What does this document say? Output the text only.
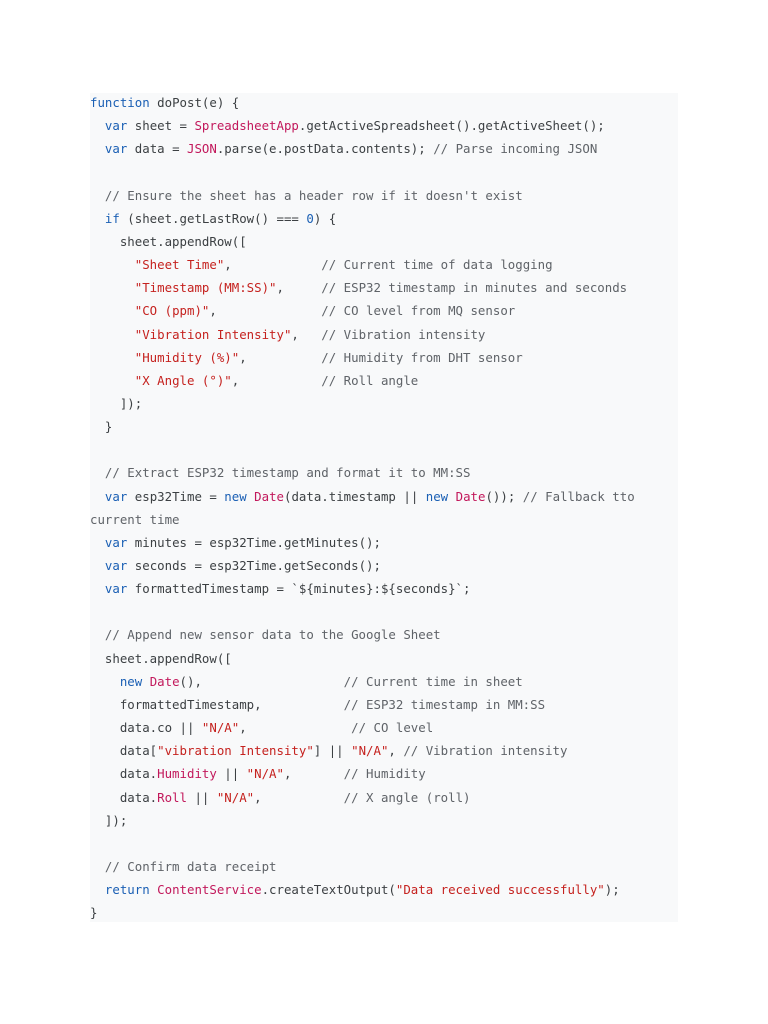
function doPost(e) {
var sheet = SpreadsheetApp.getActiveSpreadsheet().getActiveSheet();
var data = JSON.parse(e.postData.contents); // Parse incoming JSON
// Ensure the sheet has a header row if it doesn't exist
if (sheet.getLastRow() === 0) {
sheet.appendRow([
"Sheet Time",            // Current time of data logging
"Timestamp (MM:SS)",     // ESP32 timestamp in minutes and seconds
"CO (ppm)",              // CO level from MQ sensor
"Vibration Intensity",   // Vibration intensity
"Humidity (%)",          // Humidity from DHT sensor
"X Angle (°)",           // Roll angle
]);
}
// Extract ESP32 timestamp and format it to MM:SS
var esp32Time = new Date(data.timestamp || new Date()); // Fallback tto
current time
var minutes = esp32Time.getMinutes();
var seconds = esp32Time.getSeconds();
var formattedTimestamp = `${minutes}:${seconds}`;
// Append new sensor data to the Google Sheet
sheet.appendRow([
new Date(),                   // Current time in sheet
formattedTimestamp,           // ESP32 timestamp in MM:SS
data.co || "N/A",              // CO level
data["vibration Intensity"] || "N/A", // Vibration intensity
data.Humidity || "N/A",       // Humidity
data.Roll || "N/A",           // X angle (roll)
]);
// Confirm data receipt
return ContentService.createTextOutput("Data received successfully");
}
